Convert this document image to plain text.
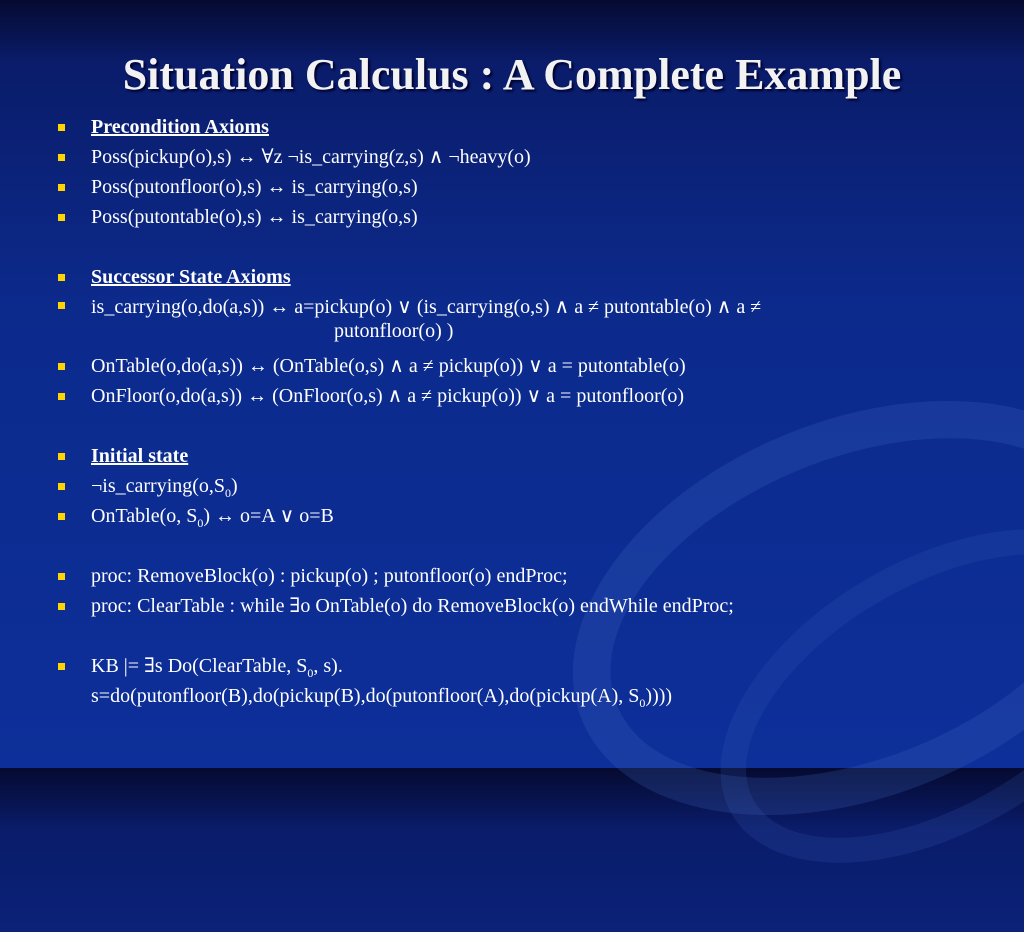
Situation Calculus : A Complete Example
Precondition Axioms
Poss(pickup(o),s) ↔ ∀z ¬is_carrying(z,s) ∧ ¬heavy(o)
Poss(putonfloor(o),s) ↔ is_carrying(o,s)
Poss(putontable(o),s) ↔ is_carrying(o,s)
Successor State Axioms
is_carrying(o,do(a,s)) ↔ a=pickup(o) ∨ (is_carrying(o,s) ∧ a ≠ putontable(o) ∧ a ≠
putonfloor(o) )
OnTable(o,do(a,s)) ↔ (OnTable(o,s) ∧ a ≠ pickup(o)) ∨ a = putontable(o)
OnFloor(o,do(a,s)) ↔ (OnFloor(o,s) ∧ a ≠ pickup(o)) ∨ a = putonfloor(o)
Initial state
$\neg is\_carrying(o,S_0)$
OnTable(o, $S_0$) ↔ o=A ∨ o=B
proc: RemoveBlock(o) : pickup(o) ; putonfloor(o) endProc;
proc: ClearTable : while ∃o OnTable(o) do RemoveBlock(o) endWhile endProc;
KB |= ∃s Do(ClearTable, $S_0$, s).
s=do(putonfloor(B),do(pickup(B),do(putonfloor(A),do(pickup(A), $S_0$))))
